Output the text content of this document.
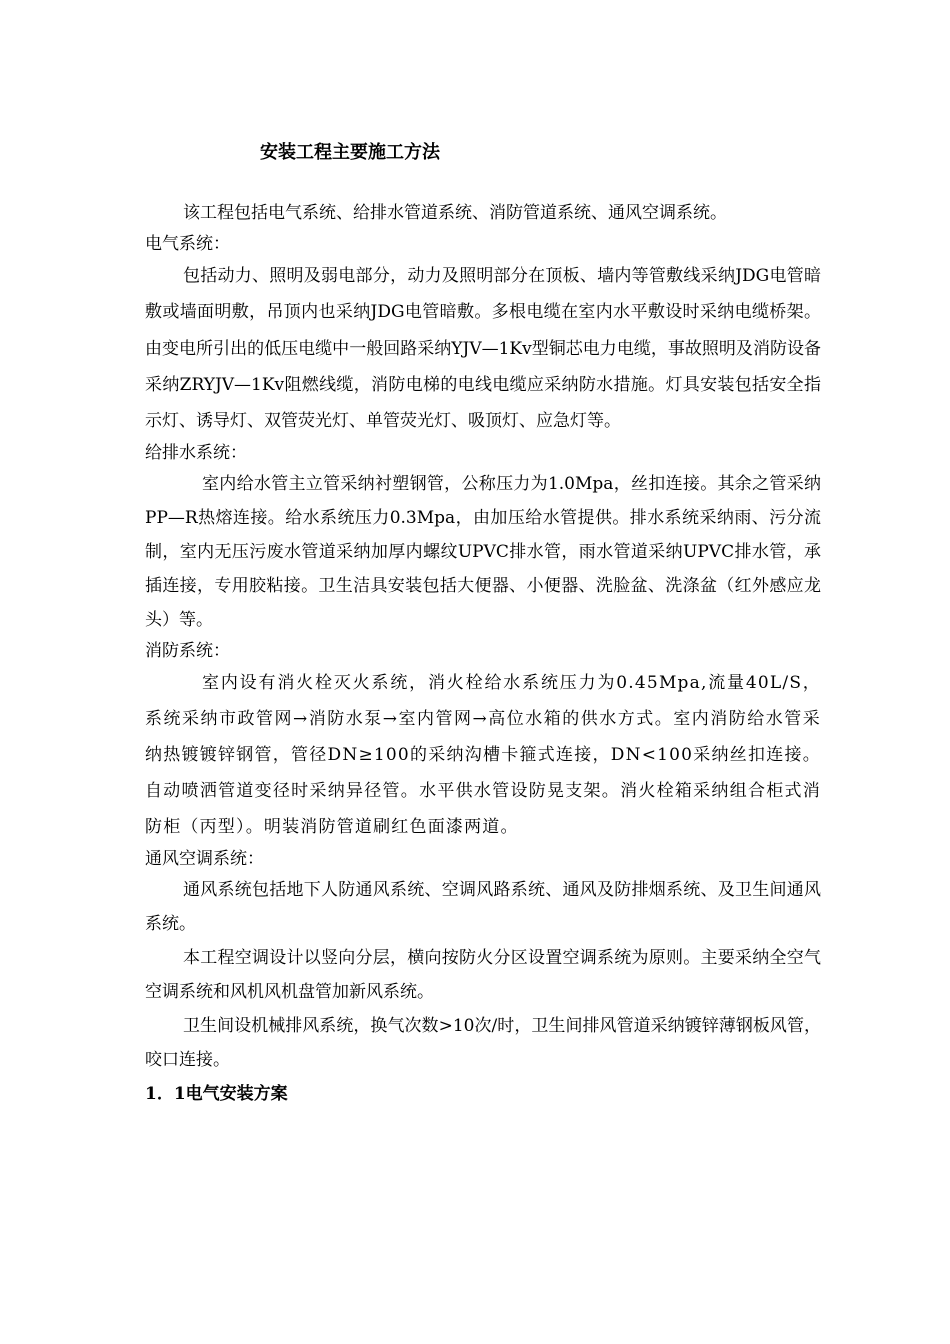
安装工程主要施工方法

该工程包括电气系统、给排水管道系统、消防管道系统、通风空调系统。

电气系统：

包括动力、照明及弱电部分，动力及照明部分在顶板、墙内等管敷线采纳JDG电管暗敷或墙面明敷，吊顶内也采纳JDG电管暗敷。多根电缆在室内水平敷设时采纳电缆桥架。由变电所引出的低压电缆中一般回路采纳YJV—1Kv型铜芯电力电缆，事故照明及消防设备采纳ZRYJV—1Kv阻燃线缆，消防电梯的电线电缆应采纳防水措施。灯具安装包括安全指示灯、诱导灯、双管荧光灯、单管荧光灯、吸顶灯、应急灯等。

给排水系统：

室内给水管主立管采纳衬塑钢管，公称压力为1.0Mpa，丝扣连接。其余之管采纳PP—R热熔连接。给水系统压力0.3Mpa，由加压给水管提供。排水系统采纳雨、污分流制，室内无压污废水管道采纳加厚内螺纹UPVC排水管，雨水管道采纳UPVC排水管，承插连接，专用胶粘接。卫生洁具安装包括大便器、小便器、洗脸盆、洗涤盆（红外感应龙头）等。

消防系统：

室内设有消火栓灭火系统，消火栓给水系统压力为0.45Mpa,流量40L/S，系统采纳市政管网→消防水泵→室内管网→高位水箱的供水方式。室内消防给水管采纳热镀镀锌钢管，管径DN≥100的采纳沟槽卡箍式连接，DN<100采纳丝扣连接。自动喷洒管道变径时采纳异径管。水平供水管设防晃支架。消火栓箱采纳组合柜式消防柜（丙型）。明装消防管道刷红色面漆两道。

通风空调系统：

通风系统包括地下人防通风系统、空调风路系统、通风及防排烟系统、及卫生间通风系统。

本工程空调设计以竖向分层，横向按防火分区设置空调系统为原则。主要采纳全空气空调系统和风机风机盘管加新风系统。

卫生间设机械排风系统，换气次数>10次/时，卫生间排风管道采纳镀锌薄钢板风管，咬口连接。

1．1电气安装方案
